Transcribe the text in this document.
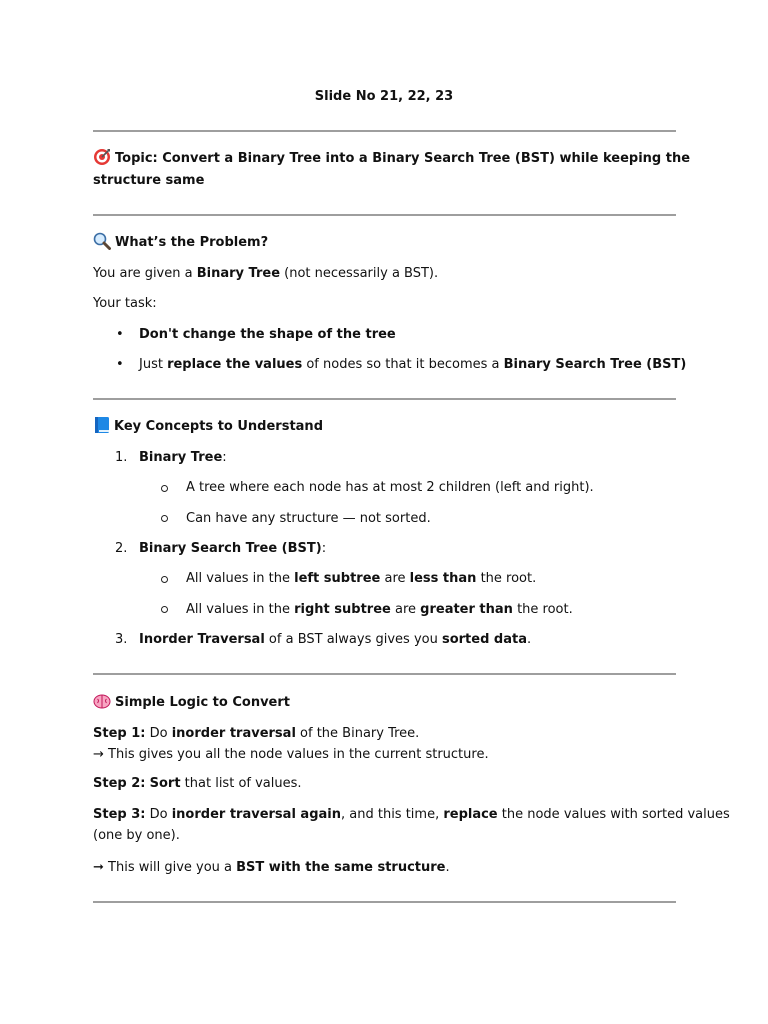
Slide No 21, 22, 23
Topic: Convert a Binary Tree into a Binary Search Tree (BST) while keeping the
structure same
What’s the Problem?
You are given a Binary Tree (not necessarily a BST).
Your task:
• Don't change the shape of the tree
• Just replace the values of nodes so that it becomes a Binary Search Tree (BST)
Key Concepts to Understand
1. Binary Tree:
A tree where each node has at most 2 children (left and right).
Can have any structure — not sorted.
2. Binary Search Tree (BST):
All values in the left subtree are less than the root.
All values in the right subtree are greater than the root.
3. Inorder Traversal of a BST always gives you sorted data.
Simple Logic to Convert
Step 1: Do inorder traversal of the Binary Tree.
→ This gives you all the node values in the current structure.
Step 2: Sort that list of values.
Step 3: Do inorder traversal again, and this time, replace the node values with sorted values
(one by one).
➞ This will give you a BST with the same structure.
